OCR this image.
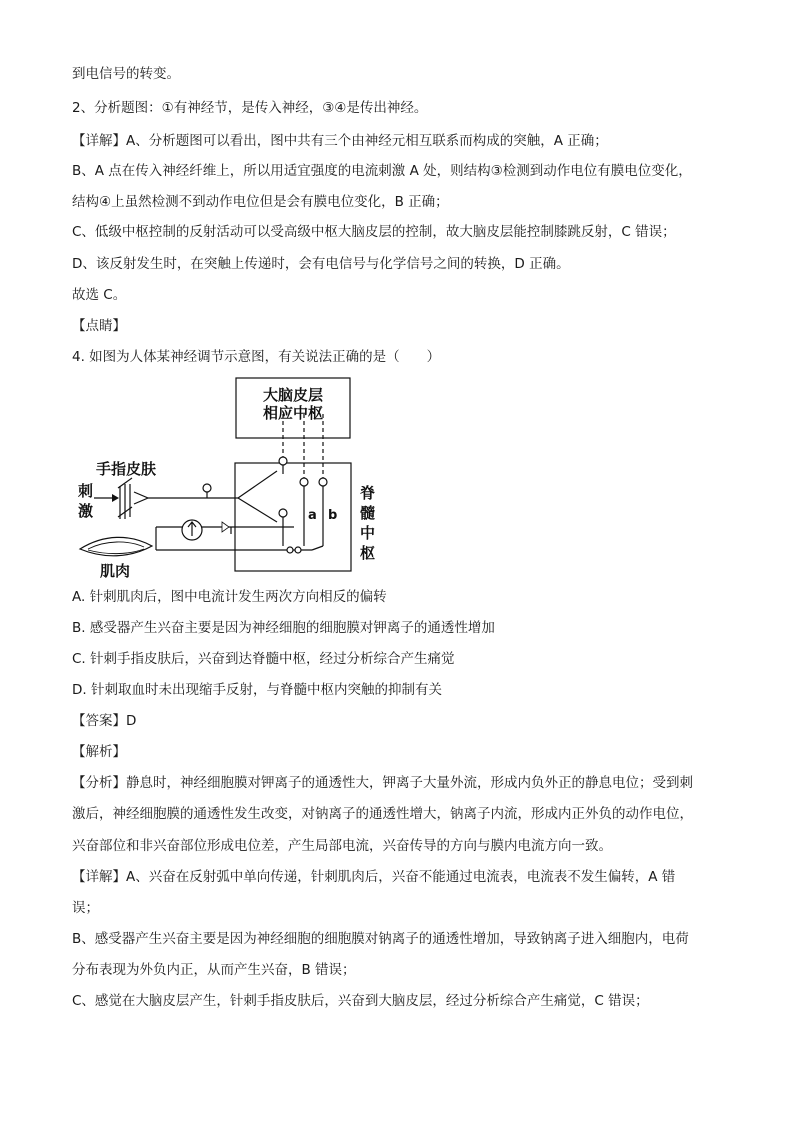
到电信号的转变。

2、分析题图：①有神经节，是传入神经，③④是传出神经。

【详解】A、分析题图可以看出，图中共有三个由神经元相互联系而构成的突触，A 正确；

B、A 点在传入神经纤维上，所以用适宜强度的电流刺激 A 处，则结构③检测到动作电位有膜电位变化，

结构④上虽然检测不到动作电位但是会有膜电位变化，B 正确；

C、低级中枢控制的反射活动可以受高级中枢大脑皮层的控制，故大脑皮层能控制膝跳反射，C 错误；

D、该反射发生时，在突触上传递时，会有电信号与化学信号之间的转换，D 正确。

故选 C。

【点睛】

4. 如图为人体某神经调节示意图，有关说法正确的是（　　）

大脑皮层
相应中枢
手指皮肤
刺
激
肌肉
脊
髓
中
枢
a b

A. 针刺肌肉后，图中电流计发生两次方向相反的偏转

B. 感受器产生兴奋主要是因为神经细胞的细胞膜对钾离子的通透性增加

C. 针刺手指皮肤后，兴奋到达脊髓中枢，经过分析综合产生痛觉

D. 针刺取血时未出现缩手反射，与脊髓中枢内突触的抑制有关

【答案】D

【解析】

【分析】静息时，神经细胞膜对钾离子的通透性大，钾离子大量外流，形成内负外正的静息电位；受到刺

激后，神经细胞膜的通透性发生改变，对钠离子的通透性增大，钠离子内流，形成内正外负的动作电位，

兴奋部位和非兴奋部位形成电位差，产生局部电流，兴奋传导的方向与膜内电流方向一致。

【详解】A、兴奋在反射弧中单向传递，针刺肌肉后，兴奋不能通过电流表，电流表不发生偏转，A 错

误；

B、感受器产生兴奋主要是因为神经细胞的细胞膜对钠离子的通透性增加，导致钠离子进入细胞内，电荷

分布表现为外负内正，从而产生兴奋，B 错误；

C、感觉在大脑皮层产生，针刺手指皮肤后，兴奋到大脑皮层，经过分析综合产生痛觉，C 错误；
